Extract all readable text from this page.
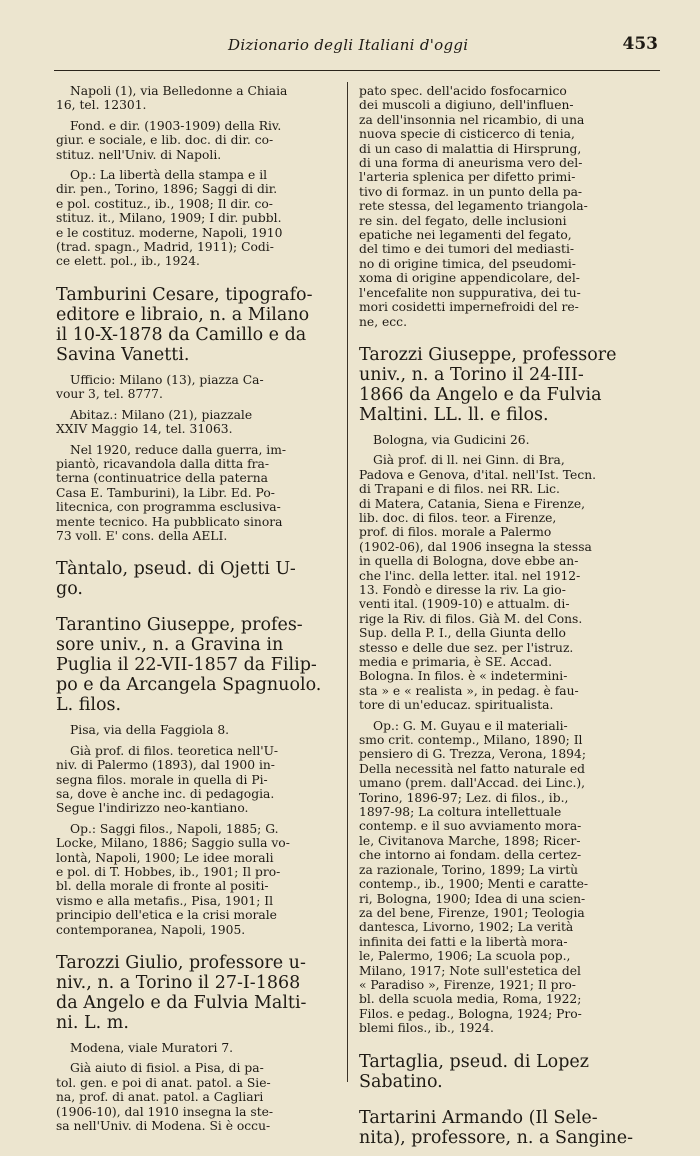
Dizionario degli Italiani d'oggi	453
Napoli (1), via Belledonne a Chiaia
16, tel. 12301.
Fond. e dir. (1903-1909) della Riv.
giur. e sociale, e lib. doc. di dir. co-
stituz. nell'Univ. di Napoli.
Op.: La libertà della stampa e il
dir. pen., Torino, 1896; Saggi di dir.
e pol. costituz., ib., 1908; Il dir. co-
stituz. it., Milano, 1909; I dir. pubbl.
e le costituz. moderne, Napoli, 1910
(trad. spagn., Madrid, 1911); Codi-
ce elett. pol., ib., 1924.
Tamburini Cesare, tipografo-
editore e libraio, n. a Milano
il 10-X-1878 da Camillo e da
Savina Vanetti.
Ufficio: Milano (13), piazza Ca-
vour 3, tel. 8777.
Abitaz.: Milano (21), piazzale
XXIV Maggio 14, tel. 31063.
Nel 1920, reduce dalla guerra, im-
piantò, ricavandola dalla ditta fra-
terna (continuatrice della paterna
Casa E. Tamburini), la Libr. Ed. Po-
litecnica, con programma esclusiva-
mente tecnico. Ha pubblicato sinora
73 voll. E' cons. della AELI.
Tàntalo, pseud. di Ojetti U-
go.
Tarantino Giuseppe, profes-
sore univ., n. a Gravina in
Puglia il 22-VII-1857 da Filip-
po e da Arcangela Spagnuolo.
L. filos.
Pisa, via della Faggiola 8.
Già prof. di filos. teoretica nell'U-
niv. di Palermo (1893), dal 1900 in-
segna filos. morale in quella di Pi-
sa, dove è anche inc. di pedagogia.
Segue l'indirizzo neo-kantiano.
Op.: Saggi filos., Napoli, 1885; G.
Locke, Milano, 1886; Saggio sulla vo-
lontà, Napoli, 1900; Le idee morali
e pol. di T. Hobbes, ib., 1901; Il pro-
bl. della morale di fronte al positi-
vismo e alla metafis., Pisa, 1901; Il
principio dell'etica e la crisi morale
contemporanea, Napoli, 1905.
Tarozzi Giulio, professore u-
niv., n. a Torino il 27-I-1868
da Angelo e da Fulvia Malti-
ni. L. m.
Modena, viale Muratori 7.
Già aiuto di fisiol. a Pisa, di pa-
tol. gen. e poi di anat. patol. a Sie-
na, prof. di anat. patol. a Cagliari
(1906-10), dal 1910 insegna la ste-
sa nell'Univ. di Modena. Si è occu-
pato spec. dell'acido fosfocarnico
dei muscoli a digiuno, dell'influen-
za dell'insonnia nel ricambio, di una
nuova specie di cisticerco di tenia,
di un caso di malattia di Hirsprung,
di una forma di aneurisma vero del-
l'arteria splenica per difetto primi-
tivo di formaz. in un punto della pa-
rete stessa, del legamento triangola-
re sin. del fegato, delle inclusioni
epatiche nei legamenti del fegato,
del timo e dei tumori del mediasti-
no di origine timica, del pseudomi-
xoma di origine appendicolare, del-
l'encefalite non suppurativa, dei tu-
mori cosidetti impernefroidi del re-
ne, ecc.
Tarozzi Giuseppe, professore
univ., n. a Torino il 24-III-
1866 da Angelo e da Fulvia
Maltini. LL. ll. e filos.
Bologna, via Gudicini 26.
Già prof. di ll. nei Ginn. di Bra,
Padova e Genova, d'ital. nell'Ist. Tecn.
di Trapani e di filos. nei RR. Lic.
di Matera, Catania, Siena e Firenze,
lib. doc. di filos. teor. a Firenze,
prof. di filos. morale a Palermo
(1902-06), dal 1906 insegna la stessa
in quella di Bologna, dove ebbe an-
che l'inc. della letter. ital. nel 1912-
13. Fondò e diresse la riv. La gio-
venti ital. (1909-10) e attualm. di-
rige la Riv. di filos. Già M. del Cons.
Sup. della P. I., della Giunta dello
stesso e delle due sez. per l'istruz.
media e primaria, è SE. Accad.
Bologna. In filos. è « indetermini-
sta » e « realista », in pedag. è fau-
tore di un'educaz. spiritualista.
Op.: G. M. Guyau e il materiali-
smo crit. contemp., Milano, 1890; Il
pensiero di G. Trezza, Verona, 1894;
Della necessità nel fatto naturale ed
umano (prem. dall'Accad. dei Linc.),
Torino, 1896-97; Lez. di filos., ib.,
1897-98; La coltura intellettuale
contemp. e il suo avviamento mora-
le, Civitanova Marche, 1898; Ricer-
che intorno ai fondam. della certez-
za razionale, Torino, 1899; La virtù
contemp., ib., 1900; Menti e caratte-
ri, Bologna, 1900; Idea di una scien-
za del bene, Firenze, 1901; Teologia
dantesca, Livorno, 1902; La verità
infinita dei fatti e la libertà mora-
le, Palermo, 1906; La scuola pop.,
Milano, 1917; Note sull'estetica del
« Paradiso », Firenze, 1921; Il pro-
bl. della scuola media, Roma, 1922;
Filos. e pedag., Bologna, 1924; Pro-
blemi filos., ib., 1924.
Tartaglia, pseud. di Lopez
Sabatino.
Tartarini Armando (Il Sele-
nita), professore, n. a Sangine-
